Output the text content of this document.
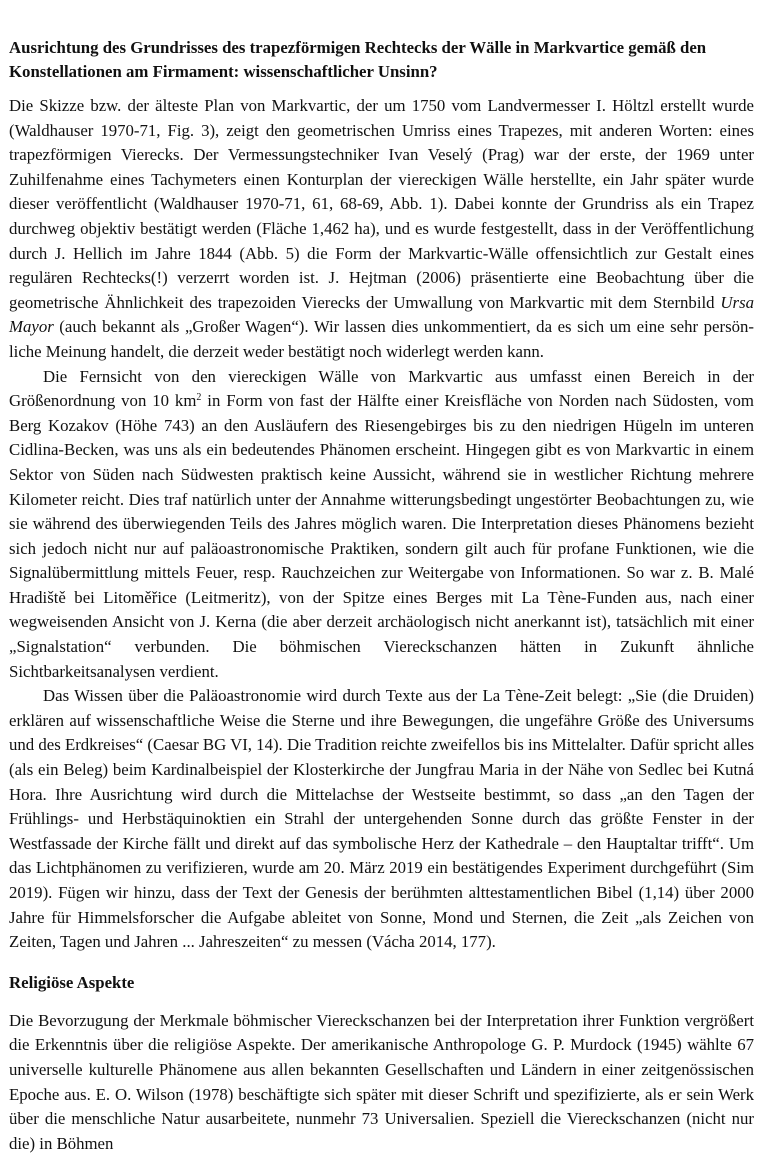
Ausrichtung des Grundrisses des trapezförmigen Rechtecks der Wälle in Markvartice gemäß den Konstellationen am Firmament: wissenschaftlicher Unsinn?

Die Skizze bzw. der älteste Plan von Markvartic, der um 1750 vom Landvermesser I. Höltzl erstellt wurde (Waldhauser 1970-71, Fig. 3), zeigt den geometrischen Umriss eines Trapezes, mit anderen Worten: eines trapezförmigen Vierecks. Der Vermessungstechniker Ivan Veselý (Prag) war der erste, der 1969 unter Zuhilfenahme eines Tachymeters einen Konturplan der viereckigen Wälle herstellte, ein Jahr später wurde dieser veröffentlicht (Waldhauser 1970-71, 61, 68-69, Abb. 1). Dabei konnte der Grundriss als ein Trapez durchweg objektiv bestätigt werden (Fläche 1,462 ha), und es wurde festgestellt, dass in der Veröffentlichung durch J. Hellich im Jahre 1844 (Abb. 5) die Form der Markvartic-Wälle offensichtlich zur Gestalt eines regulären Rechtecks(!) verzerrt worden ist. J. Hejtman (2006) präsentierte eine Beobachtung über die geometrische Ähnlichkeit des trapezoiden Vierecks der Umwallung von Markvartic mit dem Sternbild Ursa Mayor (auch bekannt als „Großer Wagen“). Wir lassen dies unkommentiert, da es sich um eine sehr persönliche Meinung handelt, die derzeit weder bestätigt noch widerlegt werden kann.

Die Fernsicht von den viereckigen Wälle von Markvartic aus umfasst einen Bereich in der Größenordnung von 10 $km^2$ in Form von fast der Hälfte einer Kreisfläche von Norden nach Südosten, vom Berg Kozakov (Höhe 743) an den Ausläufern des Riesengebirges bis zu den niedrigen Hügeln im unteren Cidlina-Becken, was uns als ein bedeutendes Phänomen erscheint. Hingegen gibt es von Markvartic in einem Sektor von Süden nach Südwesten praktisch keine Aussicht, während sie in westlicher Richtung mehrere Kilometer reicht. Dies traf natürlich unter der Annahme witterungsbedingt ungestörter Beobachtungen zu, wie sie während des überwiegenden Teils des Jahres möglich waren. Die Interpretation dieses Phänomens bezieht sich jedoch nicht nur auf paläoastronomische Praktiken, sondern gilt auch für profane Funktionen, wie die Signalübermittlung mittels Feuer, resp. Rauchzeichen zur Weitergabe von Informationen. So war z. B. Malé Hradiště bei Litoměřice (Leitmeritz), von der Spitze eines Berges mit La Tène-Funden aus, nach einer wegweisenden Ansicht von J. Kerna (die aber derzeit archäologisch nicht anerkannt ist), tatsächlich mit einer „Signalstation“ verbunden. Die böhmischen Viereckschanzen hätten in Zukunft ähnliche Sichtbarkeitsanalysen verdient.

Das Wissen über die Paläoastronomie wird durch Texte aus der La Tène-Zeit belegt: „Sie (die Druiden) erklären auf wissenschaftliche Weise die Sterne und ihre Bewegungen, die ungefähre Größe des Universums und des Erdkreises“ (Caesar BG VI, 14). Die Tradition reichte zweifellos bis ins Mittelalter. Dafür spricht alles (als ein Beleg) beim Kardinalbeispiel der Klosterkirche der Jungfrau Maria in der Nähe von Sedlec bei Kutná Hora. Ihre Ausrichtung wird durch die Mittelachse der Westseite bestimmt, so dass „an den Tagen der Frühlings- und Herbstäquinoktien ein Strahl der untergehenden Sonne durch das größte Fenster in der Westfassade der Kirche fällt und direkt auf das symbolische Herz der Kathedrale – den Hauptaltar trifft“. Um das Lichtphänomen zu verifizieren, wurde am 20. März 2019 ein bestätigendes Experiment durchgeführt (Sim 2019). Fügen wir hinzu, dass der Text der Genesis der berühmten alttestamentlichen Bibel (1,14) über 2000 Jahre für Himmelsforscher die Aufgabe ableitet von Sonne, Mond und Sternen, die Zeit „als Zeichen von Zeiten, Tagen und Jahren ... Jahreszeiten“ zu messen (Vácha 2014, 177).

Religiöse Aspekte

Die Bevorzugung der Merkmale böhmischer Viereckschanzen bei der Interpretation ihrer Funktion vergrößert die Erkenntnis über die religiöse Aspekte. Der amerikanische Anthropologe G. P. Murdock (1945) wählte 67 universelle kulturelle Phänomene aus allen bekannten Gesellschaften und Ländern in einer zeitgenössischen Epoche aus. E. O. Wilson (1978) beschäftigte sich später mit dieser Schrift und spezifizierte, als er sein Werk über die menschliche Natur ausarbeitete, nunmehr 73 Universalien. Speziell die Viereckschanzen (nicht nur die) in Böhmen
